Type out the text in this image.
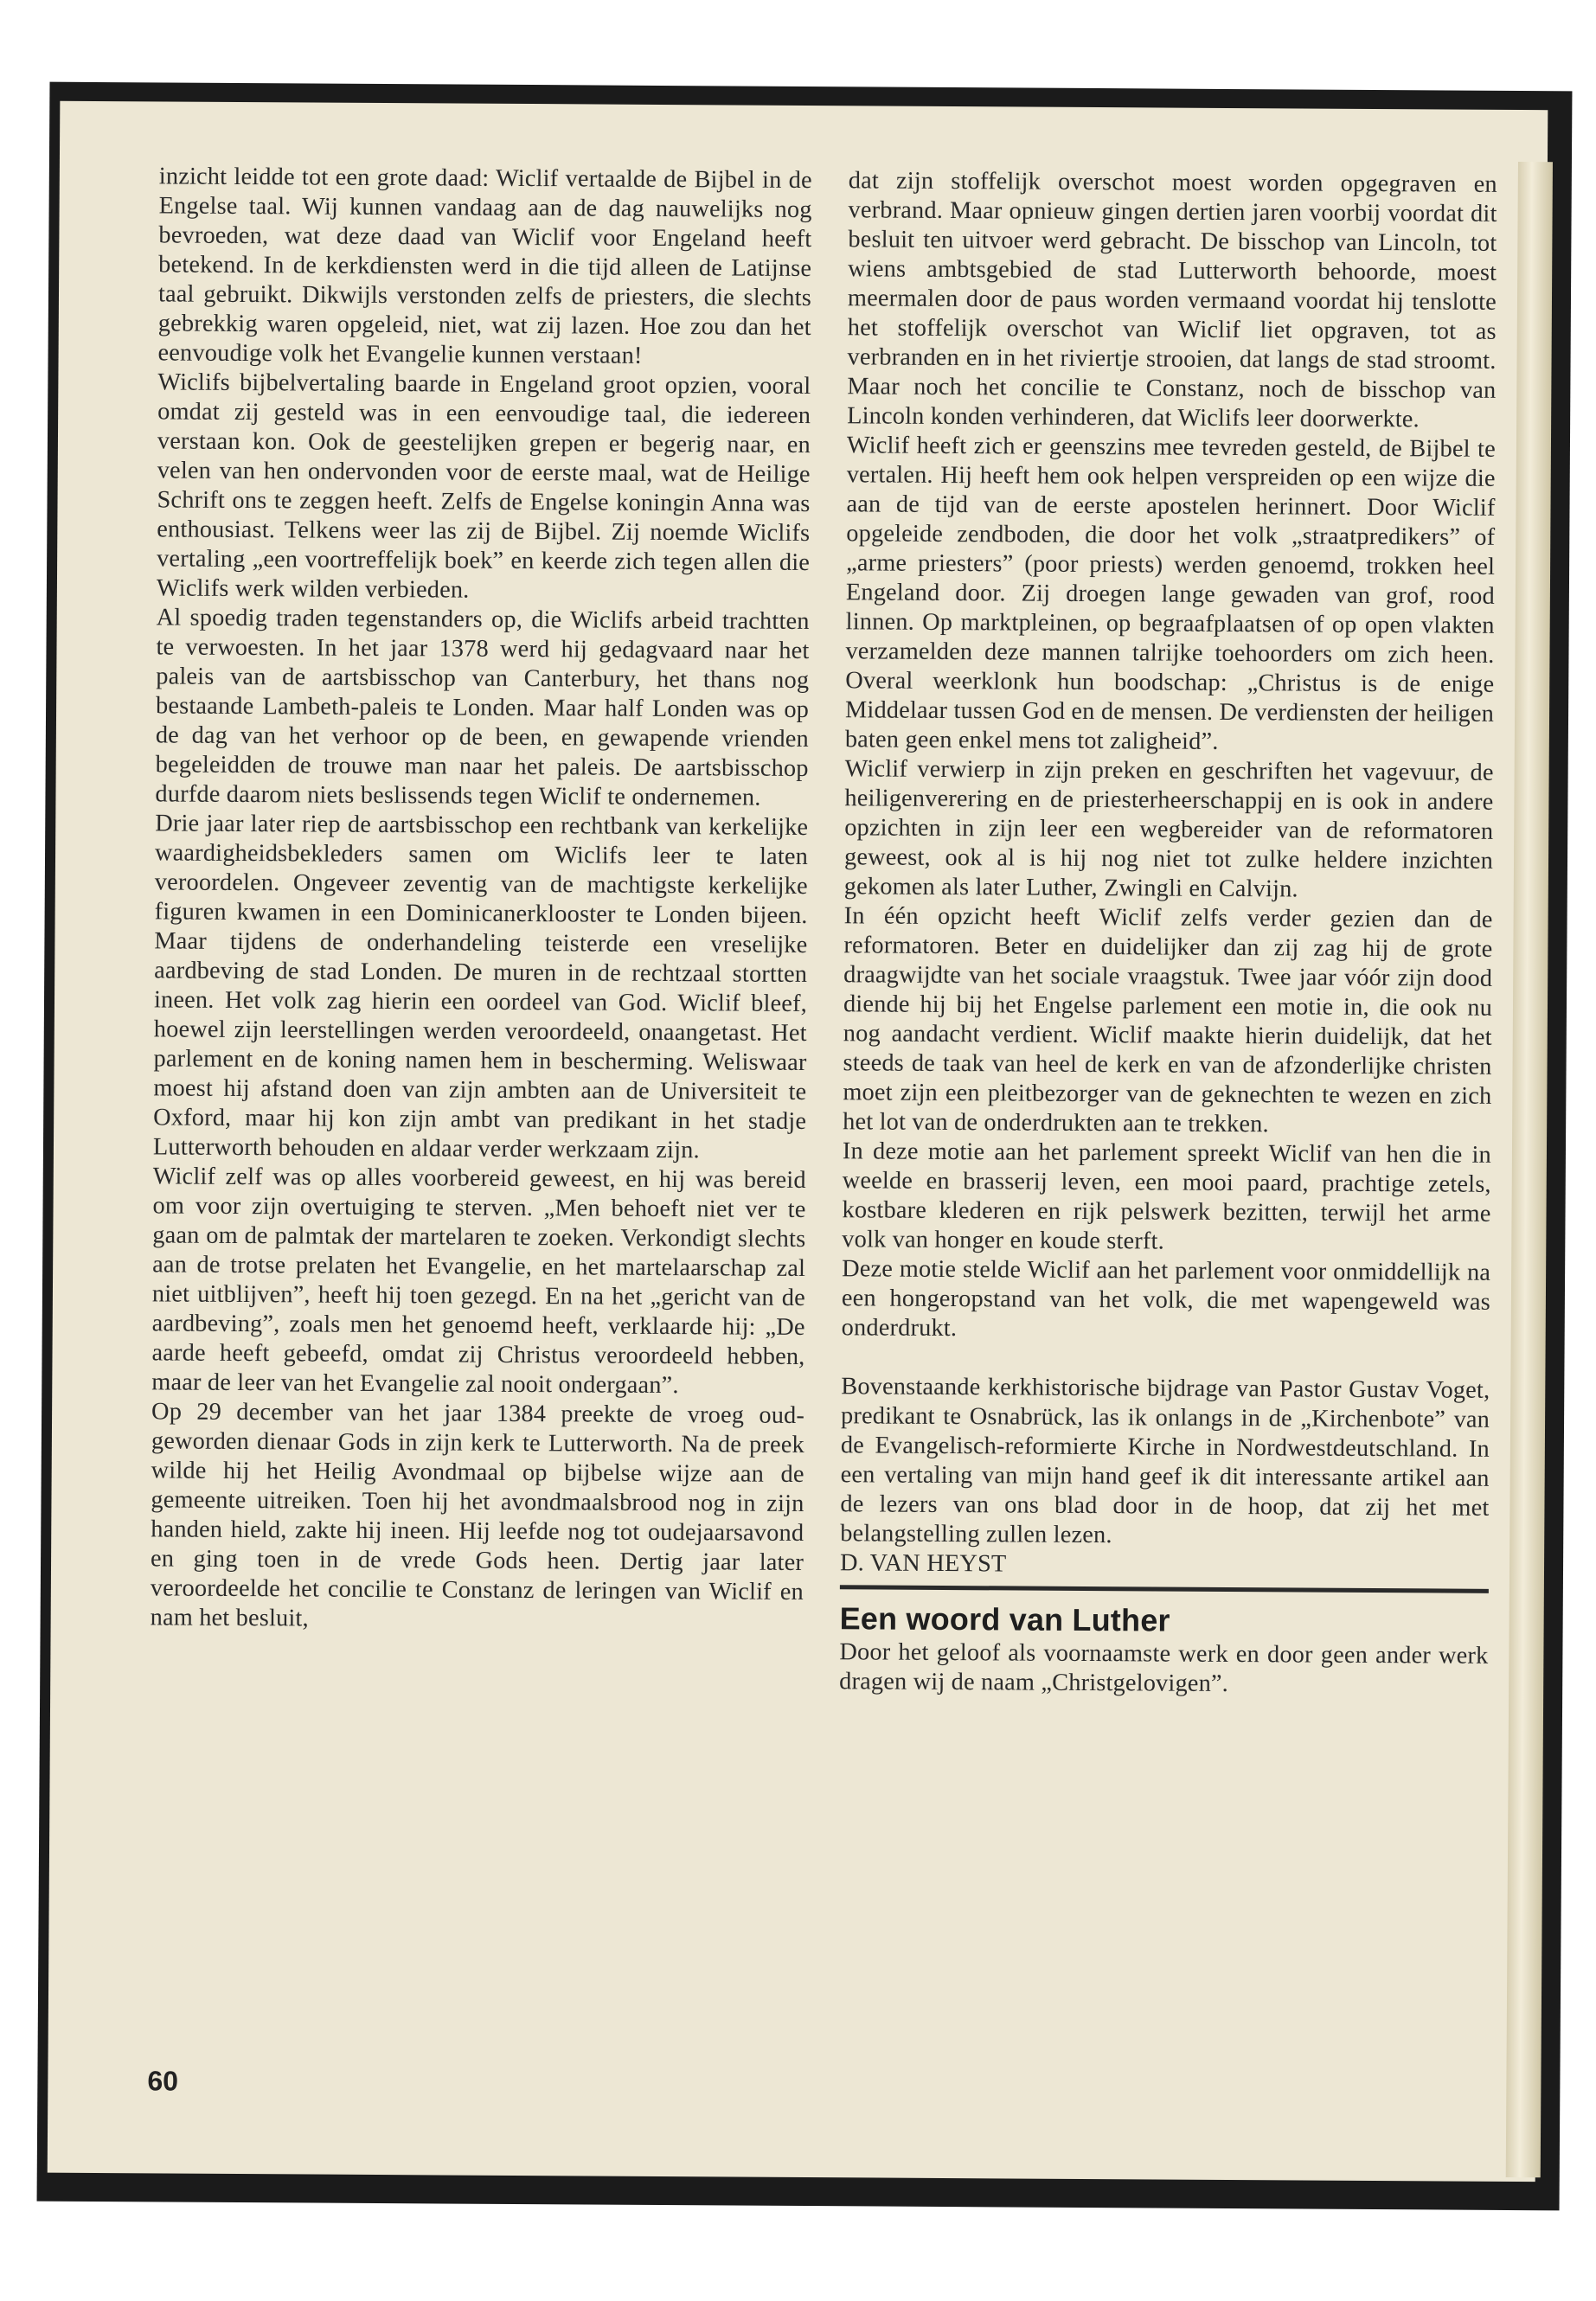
inzicht leidde tot een grote daad: Wiclif vertaalde de Bijbel in de Engelse taal. Wij kunnen vandaag aan de dag nauwelijks nog bevroeden, wat deze daad van Wiclif voor Engeland heeft betekend. In de kerkdiensten werd in die tijd alleen de Latijnse taal gebruikt. Dikwijls verstonden zelfs de priesters, die slechts gebrekkig waren opgeleid, niet, wat zij lazen. Hoe zou dan het eenvoudige volk het Evangelie kunnen verstaan!

Wiclifs bijbelvertaling baarde in Engeland groot opzien, vooral omdat zij gesteld was in een eenvoudige taal, die iedereen verstaan kon. Ook de geestelijken grepen er begerig naar, en velen van hen ondervonden voor de eerste maal, wat de Heilige Schrift ons te zeggen heeft. Zelfs de Engelse koningin Anna was enthousiast. Telkens weer las zij de Bijbel. Zij noemde Wiclifs vertaling „een voortreffelijk boek” en keerde zich tegen allen die Wiclifs werk wilden verbieden.

Al spoedig traden tegenstanders op, die Wiclifs arbeid trachtten te verwoesten. In het jaar 1378 werd hij gedagvaard naar het paleis van de aartsbisschop van Canterbury, het thans nog bestaande Lambeth-paleis te Londen. Maar half Londen was op de dag van het verhoor op de been, en gewapende vrienden begeleidden de trouwe man naar het paleis. De aartsbisschop durfde daarom niets beslissends tegen Wiclif te ondernemen.

Drie jaar later riep de aartsbisschop een rechtbank van kerkelijke waardigheidsbekleders samen om Wiclifs leer te laten veroordelen. Ongeveer zeventig van de machtigste kerkelijke figuren kwamen in een Dominicanerklooster te Londen bijeen. Maar tijdens de onderhandeling teisterde een vreselijke aardbeving de stad Londen. De muren in de rechtzaal stortten ineen. Het volk zag hierin een oordeel van God. Wiclif bleef, hoewel zijn leerstellingen werden veroordeeld, onaangetast. Het parlement en de koning namen hem in bescherming. Weliswaar moest hij afstand doen van zijn ambten aan de Universiteit te Oxford, maar hij kon zijn ambt van predikant in het stadje Lutterworth behouden en aldaar verder werkzaam zijn.

Wiclif zelf was op alles voorbereid geweest, en hij was bereid om voor zijn overtuiging te sterven. „Men behoeft niet ver te gaan om de palmtak der martelaren te zoeken. Verkondigt slechts aan de trotse prelaten het Evangelie, en het martelaarschap zal niet uitblijven”, heeft hij toen gezegd. En na het „gericht van de aardbeving”, zoals men het genoemd heeft, verklaarde hij: „De aarde heeft gebeefd, omdat zij Christus veroordeeld hebben, maar de leer van het Evangelie zal nooit ondergaan”.

Op 29 december van het jaar 1384 preekte de vroeg oud-geworden dienaar Gods in zijn kerk te Lutterworth. Na de preek wilde hij het Heilig Avondmaal op bijbelse wijze aan de gemeente uitreiken. Toen hij het avondmaalsbrood nog in zijn handen hield, zakte hij ineen. Hij leefde nog tot oudejaarsavond en ging toen in de vrede Gods heen. Dertig jaar later veroordeelde het concilie te Constanz de leringen van Wiclif en nam het besluit,

dat zijn stoffelijk overschot moest worden opgegraven en verbrand. Maar opnieuw gingen dertien jaren voorbij voordat dit besluit ten uitvoer werd gebracht. De bisschop van Lincoln, tot wiens ambtsgebied de stad Lutterworth behoorde, moest meermalen door de paus worden vermaand voordat hij tenslotte het stoffelijk overschot van Wiclif liet opgraven, tot as verbranden en in het riviertje strooien, dat langs de stad stroomt. Maar noch het concilie te Constanz, noch de bisschop van Lincoln konden verhinderen, dat Wiclifs leer doorwerkte.

Wiclif heeft zich er geenszins mee tevreden gesteld, de Bijbel te vertalen. Hij heeft hem ook helpen verspreiden op een wijze die aan de tijd van de eerste apostelen herinnert. Door Wiclif opgeleide zendboden, die door het volk „straatpredikers” of „arme priesters” (poor priests) werden genoemd, trokken heel Engeland door. Zij droegen lange gewaden van grof, rood linnen. Op marktpleinen, op begraafplaatsen of op open vlakten verzamelden deze mannen talrijke toehoorders om zich heen. Overal weerklonk hun boodschap: „Christus is de enige Middelaar tussen God en de mensen. De verdiensten der heiligen baten geen enkel mens tot zaligheid”.

Wiclif verwierp in zijn preken en geschriften het vagevuur, de heiligenverering en de priesterheerschappij en is ook in andere opzichten in zijn leer een wegbereider van de reformatoren geweest, ook al is hij nog niet tot zulke heldere inzichten gekomen als later Luther, Zwingli en Calvijn.

In één opzicht heeft Wiclif zelfs verder gezien dan de reformatoren. Beter en duidelijker dan zij zag hij de grote draagwijdte van het sociale vraagstuk. Twee jaar vóór zijn dood diende hij bij het Engelse parlement een motie in, die ook nu nog aandacht verdient. Wiclif maakte hierin duidelijk, dat het steeds de taak van heel de kerk en van de afzonderlijke christen moet zijn een pleitbezorger van de geknechten te wezen en zich het lot van de onderdrukten aan te trekken.

In deze motie aan het parlement spreekt Wiclif van hen die in weelde en brasserij leven, een mooi paard, prachtige zetels, kostbare klederen en rijk pelswerk bezitten, terwijl het arme volk van honger en koude sterft.

Deze motie stelde Wiclif aan het parlement voor onmiddellijk na een hongeropstand van het volk, die met wapengeweld was onderdrukt.

Bovenstaande kerkhistorische bijdrage van Pastor Gustav Voget, predikant te Osnabrück, las ik onlangs in de „Kirchenbote” van de Evangelisch-reformierte Kirche in Nordwestdeutschland. In een vertaling van mijn hand geef ik dit interessante artikel aan de lezers van ons blad door in de hoop, dat zij het met belangstelling zullen lezen.

D. VAN HEYST

Een woord van Luther

Door het geloof als voornaamste werk en door geen ander werk dragen wij de naam „Christgelovigen”.

60
